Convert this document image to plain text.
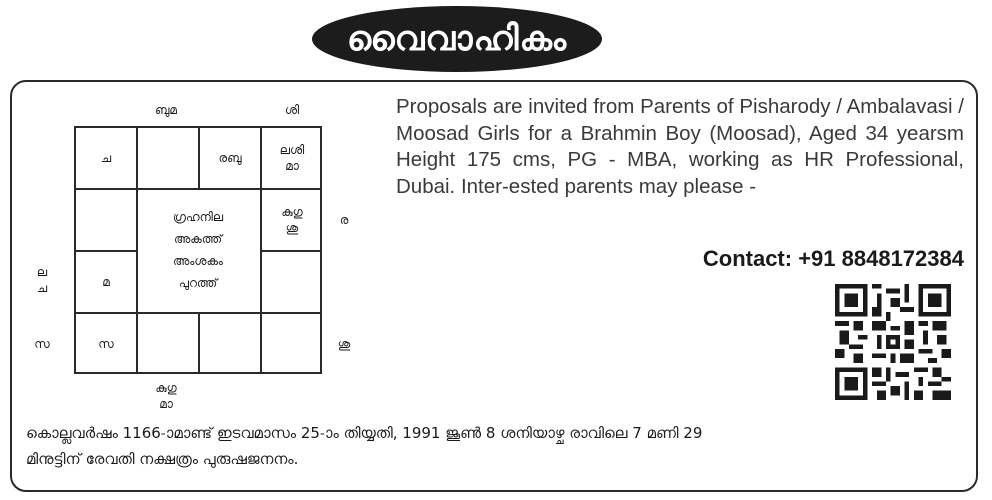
വൈവാഹികം
ബുമ	ശി
ര
ശു
ല
ച
സ
കുഗു
മാ
ച	രബു
ലശി
മാ
കുഗു
ശു
മ
സ
ഗ്രഹനില
അകത്ത്
അംശകം
പുറത്ത്
Proposals are invited from Parents of Pisharody / Ambalavasi / Moosad Girls for a Brahmin Boy (Moosad), Aged 34 yearsm Height 175 cms, PG - MBA, working as HR Professional, Dubai. Inter-ested parents may please -
Contact: +91 8848172384
കൊല്ലവർഷം 1166-ാമാണ്ട് ഇടവമാസം 25-ാം തിയ്യതി, 1991 ജൂൺ 8 ശനിയാഴ്ച രാവിലെ 7 മണി 29
മിനുട്ടിന് രേവതി നക്ഷത്രം പുരുഷജനനം.
